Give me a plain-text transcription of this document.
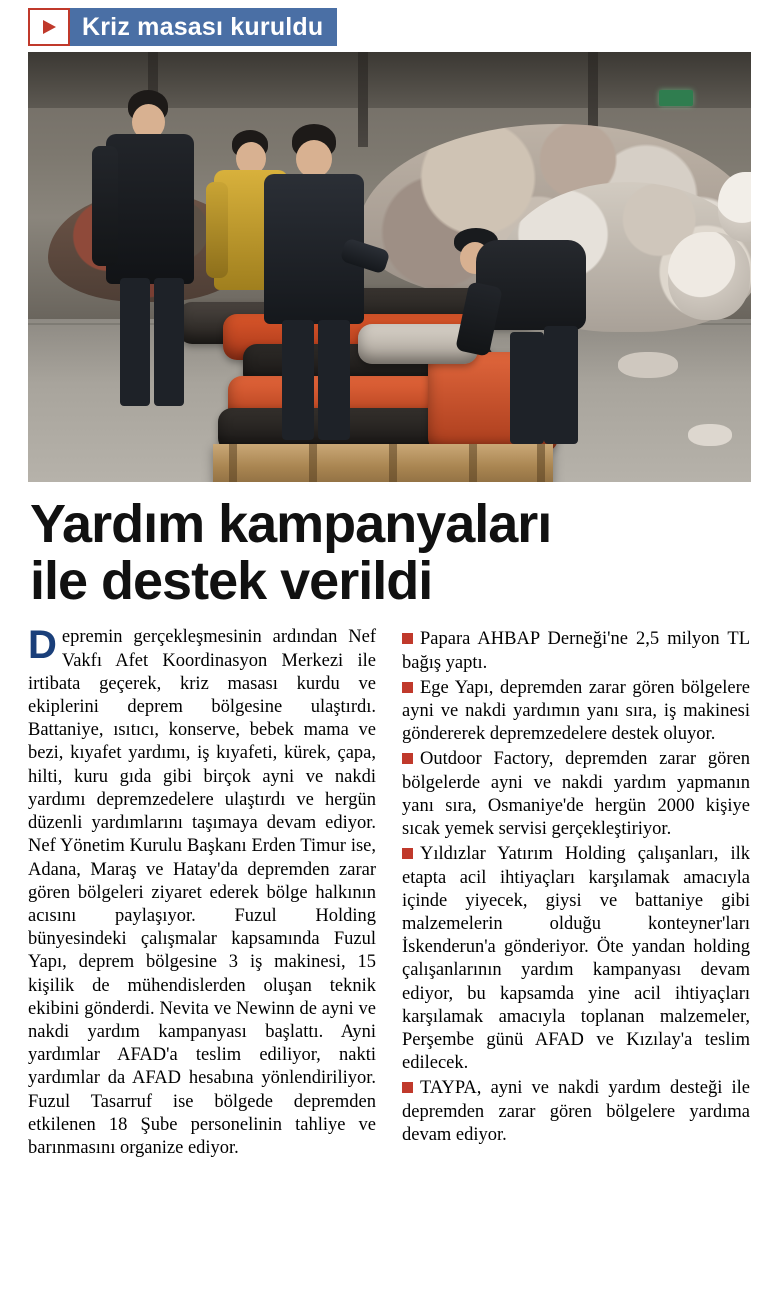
Kriz masası kuruldu
Yardım kampanyaları
ile destek verildi

Depremin gerçekleşmesinin ardından Nef Vakfı Afet Koordinasyon Merkezi ile irtibata geçerek, kriz masası kurdu ve ekiplerini deprem bölgesine ulaştırdı. Battaniye, ısıtıcı, konserve, bebek mama ve bezi, kıyafet yardımı, iş kıyafeti, kürek, çapa, hilti, kuru gıda gibi birçok ayni ve nakdi yardımı depremzedelere ulaştırdı ve hergün düzenli yardımlarını taşımaya devam ediyor. Nef Yönetim Kurulu Başkanı Erden Timur ise, Adana, Maraş ve Hatay'da depremden zarar gören bölgeleri ziyaret ederek bölge halkının acısını paylaşıyor. Fuzul Holding bünyesindeki çalışmalar kapsamında Fuzul Yapı, deprem bölgesine 3 iş makinesi, 15 kişilik de mühendislerden oluşan teknik ekibini gönderdi. Nevita ve Newinn de ayni ve nakdi yardım kampanyası başlattı. Ayni yardımlar AFAD'a teslim ediliyor, nakti yardımlar da AFAD hesabına yönlendiriliyor. Fuzul Tasarruf ise bölgede depremden etkilenen 18 Şube personelinin tahliye ve barınmasını organize ediyor.

Papara AHBAP Derneği'ne 2,5 milyon TL bağış yaptı.

Ege Yapı, depremden zarar gören bölgelere ayni ve nakdi yardımın yanı sıra, iş makinesi göndererek depremzedelere destek oluyor.

Outdoor Factory, depremden zarar gören bölgelerde ayni ve nakdi yardım yapmanın yanı sıra, Osmaniye'de hergün 2000 kişiye sıcak yemek servisi gerçekleştiriyor.

Yıldızlar Yatırım Holding çalışanları, ilk etapta acil ihtiyaçları karşılamak amacıyla içinde yiyecek, giysi ve battaniye gibi malzemelerin olduğu konteyner'ları İskenderun'a gönderiyor. Öte yandan holding çalışanlarının yardım kampanyası devam ediyor, bu kapsamda yine acil ihtiyaçları karşılamak amacıyla toplanan malzemeler, Perşembe günü AFAD ve Kızılay'a teslim edilecek.

TAYPA, ayni ve nakdi yardım desteği ile depremden zarar gören bölgelere yardıma devam ediyor.
